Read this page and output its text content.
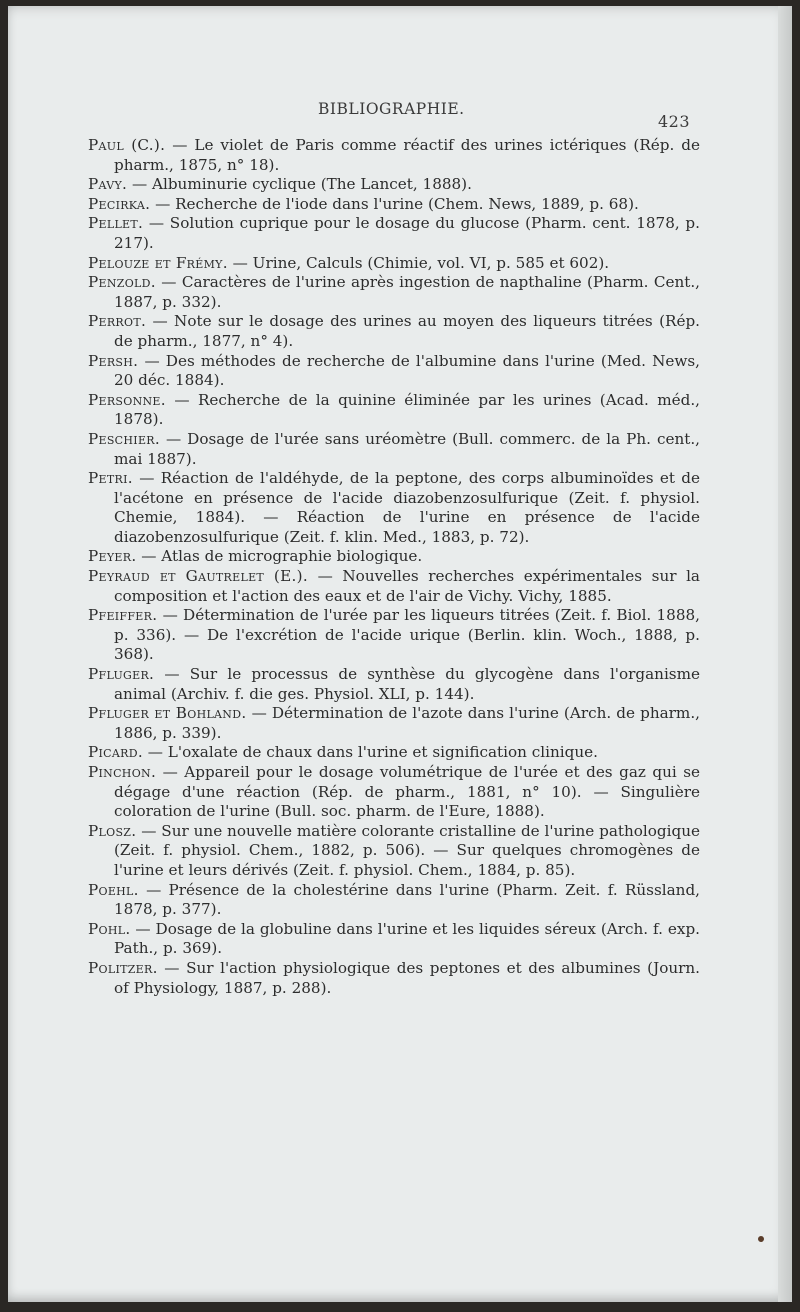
BIBLIOGRAPHIE.
423

Paul (C.). — Le violet de Paris comme réactif des urines ictériques (Rép. de pharm., 1875, n° 18).

Pavy. — Albuminurie cyclique (The Lancet, 1888).

Pecirka. — Recherche de l'iode dans l'urine (Chem. News, 1889, p. 68).

Pellet. — Solution cuprique pour le dosage du glucose (Pharm. cent. 1878, p. 217).

Pelouze et Frémy. — Urine, Calculs (Chimie, vol. VI, p. 585 et 602).

Penzold. — Caractères de l'urine après ingestion de napthaline (Pharm. Cent., 1887, p. 332).

Perrot. — Note sur le dosage des urines au moyen des liqueurs titrées (Rép. de pharm., 1877, n° 4).

Persh. — Des méthodes de recherche de l'albumine dans l'urine (Med. News, 20 déc. 1884).

Personne. — Recherche de la quinine éliminée par les urines (Acad. méd., 1878).

Peschier. — Dosage de l'urée sans uréomètre (Bull. commerc. de la Ph. cent., mai 1887).

Petri. — Réaction de l'aldéhyde, de la peptone, des corps albuminoïdes et de l'acétone en présence de l'acide diazobenzosulfurique (Zeit. f. physiol. Chemie, 1884). — Réaction de l'urine en présence de l'acide diazobenzosulfurique (Zeit. f. klin. Med., 1883, p. 72).

Peyer. — Atlas de micrographie biologique.

Peyraud et Gautrelet (E.). — Nouvelles recherches expérimentales sur la composition et l'action des eaux et de l'air de Vichy. Vichy, 1885.

Pfeiffer. — Détermination de l'urée par les liqueurs titrées (Zeit. f. Biol. 1888, p. 336). — De l'excrétion de l'acide urique (Berlin. klin. Woch., 1888, p. 368).

Pfluger. — Sur le processus de synthèse du glycogène dans l'organisme animal (Archiv. f. die ges. Physiol. XLI, p. 144).

Pfluger et Bohland. — Détermination de l'azote dans l'urine (Arch. de pharm., 1886, p. 339).

Picard. — L'oxalate de chaux dans l'urine et signification clinique.

Pinchon. — Appareil pour le dosage volumétrique de l'urée et des gaz qui se dégage d'une réaction (Rép. de pharm., 1881, n° 10). — Singulière coloration de l'urine (Bull. soc. pharm. de l'Eure, 1888).

Plosz. — Sur une nouvelle matière colorante cristalline de l'urine pathologique (Zeit. f. physiol. Chem., 1882, p. 506). — Sur quelques chromogènes de l'urine et leurs dérivés (Zeit. f. physiol. Chem., 1884, p. 85).

Poehl. — Présence de la cholestérine dans l'urine (Pharm. Zeit. f. Rüssland, 1878, p. 377).

Pohl. — Dosage de la globuline dans l'urine et les liquides séreux (Arch. f. exp. Path., p. 369).

Politzer. — Sur l'action physiologique des peptones et des albumines (Journ. of Physiology, 1887, p. 288).
